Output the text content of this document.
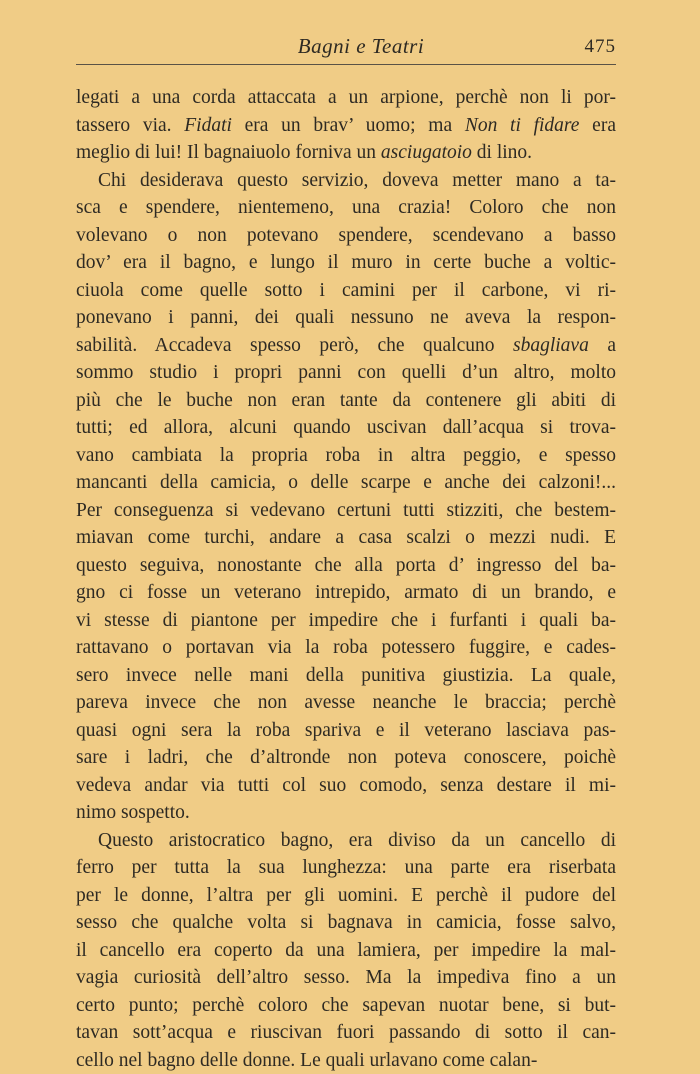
Bagni e Teatri	475
legati a una corda attaccata a un arpione, perchè non li por-
tassero via. Fidati era un brav’ uomo; ma Non ti fidare era
meglio di lui! Il bagnaiuolo forniva un asciugatoio di lino.
Chi desiderava questo servizio, doveva metter mano a ta-
sca e spendere, nientemeno, una crazia! Coloro che non
volevano o non potevano spendere, scendevano a basso
dov’ era il bagno, e lungo il muro in certe buche a voltic-
ciuola come quelle sotto i camini per il carbone, vi ri-
ponevano i panni, dei quali nessuno ne aveva la respon-
sabilità. Accadeva spesso però, che qualcuno sbagliava a
sommo studio i propri panni con quelli d’un altro, molto
più che le buche non eran tante da contenere gli abiti di
tutti; ed allora, alcuni quando uscivan dall’acqua si trova-
vano cambiata la propria roba in altra peggio, e spesso
mancanti della camicia, o delle scarpe e anche dei calzoni!...
Per conseguenza si vedevano certuni tutti stizziti, che bestem-
miavan come turchi, andare a casa scalzi o mezzi nudi. E
questo seguiva, nonostante che alla porta d’ ingresso del ba-
gno ci fosse un veterano intrepido, armato di un brando, e
vi stesse di piantone per impedire che i furfanti i quali ba-
rattavano o portavan via la roba potessero fuggire, e cades-
sero invece nelle mani della punitiva giustizia. La quale,
pareva invece che non avesse neanche le braccia; perchè
quasi ogni sera la roba spariva e il veterano lasciava pas-
sare i ladri, che d’altronde non poteva conoscere, poichè
vedeva andar via tutti col suo comodo, senza destare il mi-
nimo sospetto.
Questo aristocratico bagno, era diviso da un cancello di
ferro per tutta la sua lunghezza: una parte era riserbata
per le donne, l’altra per gli uomini. E perchè il pudore del
sesso che qualche volta si bagnava in camicia, fosse salvo,
il cancello era coperto da una lamiera, per impedire la mal-
vagia curiosità dell’altro sesso. Ma la impediva fino a un
certo punto; perchè coloro che sapevan nuotar bene, si but-
tavan sott’acqua e riuscivan fuori passando di sotto il can-
cello nel bagno delle donne. Le quali urlavano come calan-
